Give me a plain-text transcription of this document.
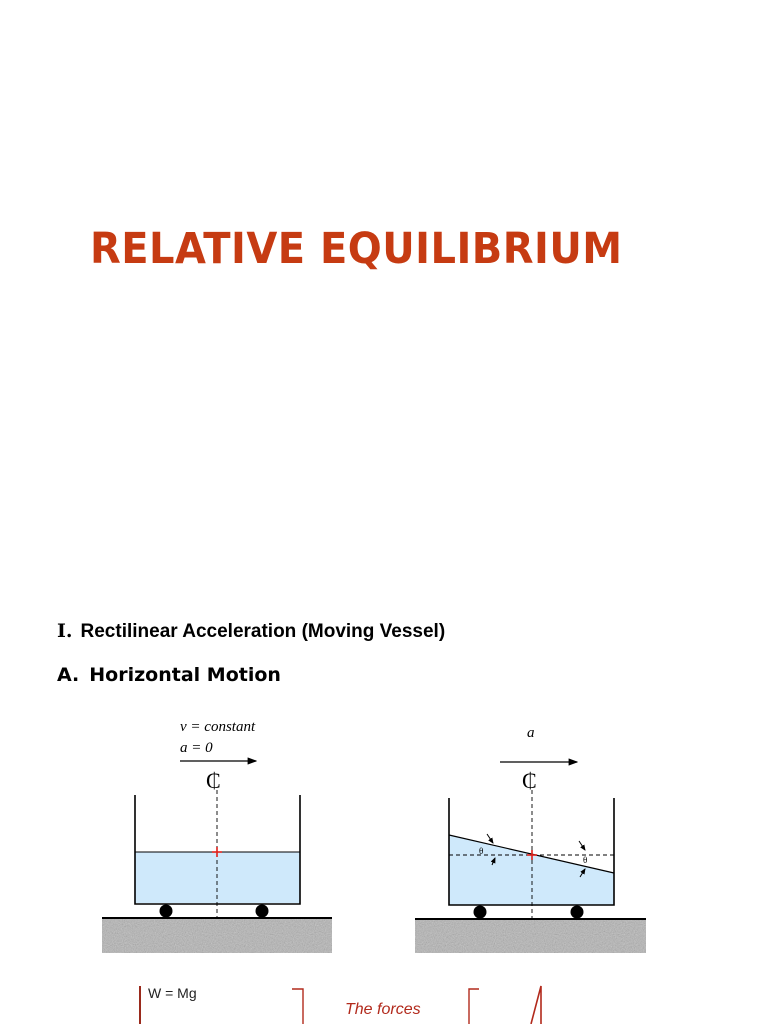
RELATIVE EQUILIBRIUM
I. Rectilinear Acceleration (Moving Vessel)
A. Horizontal Motion
v = constant
a = 0
₵
a
₵
θ
θ
W = Mg
The forces
